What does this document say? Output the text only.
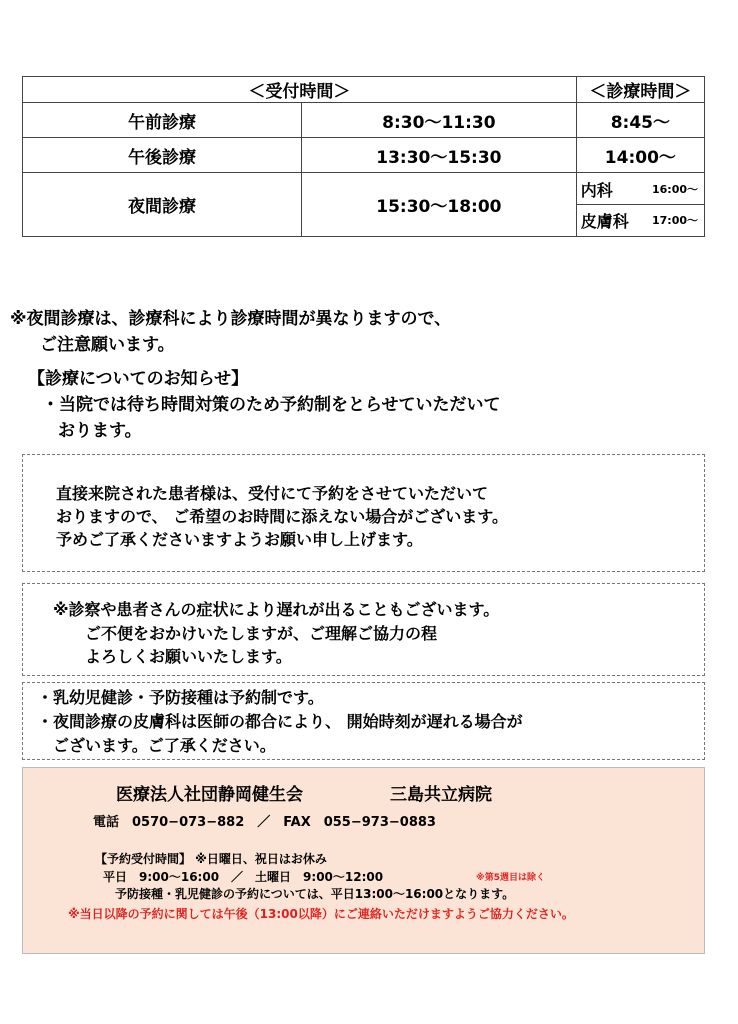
＜受付時間＞		＜診療時間＞
午前診療	8:30〜11:30	8:45〜
午後診療	13:30〜15:30	14:00〜
夜間診療	15:30〜18:00	内科 16:00〜
皮膚科 17:00〜
※夜間診療は、診療科により診療時間が異なりますので、
ご注意願います。
【診療についてのお知らせ】
・当院では待ち時間対策のため予約制をとらせていただいて
おります。
直接来院された患者様は、受付にて予約をさせていただいて
おりますので、 ご希望のお時間に添えない場合がございます。
予めご了承くださいますようお願い申し上げます。
※診察や患者さんの症状により遅れが出ることもございます。
ご不便をおかけいたしますが、ご理解ご協力の程
よろしくお願いいたします。
・乳幼児健診・予防接種は予約制です。
・夜間診療の皮膚科は医師の都合により、 開始時刻が遅れる場合が
ございます。ご了承ください。
医療法人社団静岡健生会	三島共立病院
電話　0570−073−882　／　FAX　055−973−0883
【予約受付時間】 ※日曜日、祝日はお休み
平日　9:00〜16:00　／　土曜日　9:00〜12:00	※第5週目は除く
予防接種・乳児健診の予約については、平日13:00〜16:00となります。
※当日以降の予約に関しては午後（13:00以降）にご連絡いただけますようご協力ください。
